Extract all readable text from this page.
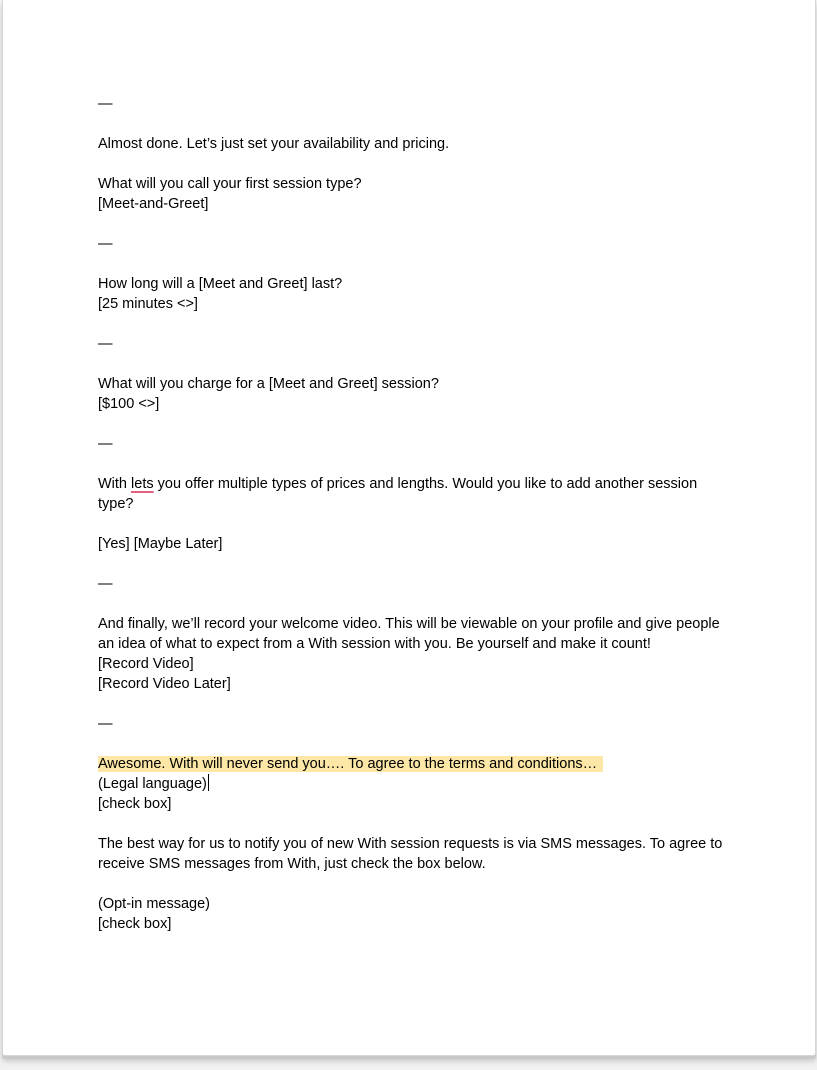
—
Almost done. Let’s just set your availability and pricing.
What will you call your first session type?
[Meet-and-Greet]
—
How long will a [Meet and Greet] last?
[25 minutes <>]
—
What will you charge for a [Meet and Greet] session?
[$100 <>]
—
With lets you offer multiple types of prices and lengths. Would you like to add another session type?
[Yes] [Maybe Later]
—
And finally, we’ll record your welcome video. This will be viewable on your profile and give people an idea of what to expect from a With session with you. Be yourself and make it count!
[Record Video]
[Record Video Later]
—
Awesome. With will never send you…. To agree to the terms and conditions…
(Legal language)
[check box]
The best way for us to notify you of new With session requests is via SMS messages. To agree to receive SMS messages from With, just check the box below.
(Opt-in message)
[check box]
